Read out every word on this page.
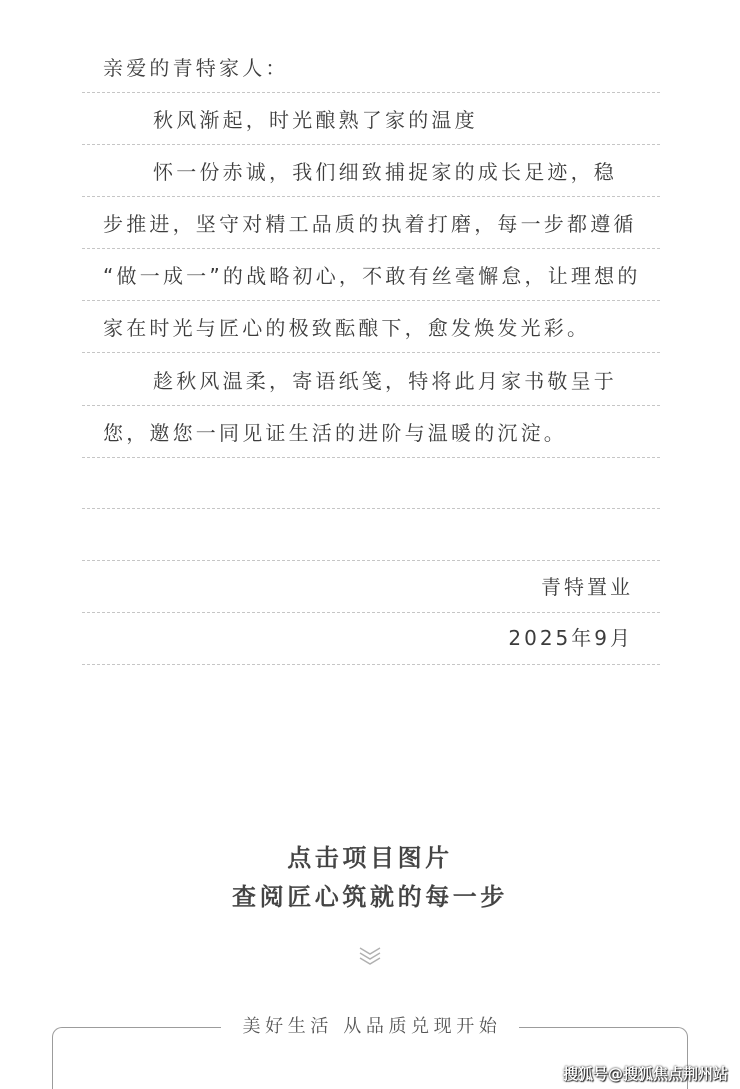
亲爱的青特家人：
秋风渐起，时光酿熟了家的温度
怀一份赤诚，我们细致捕捉家的成长足迹，稳
步推进，坚守对精工品质的执着打磨，每一步都遵循
“做一成一”的战略初心，不敢有丝毫懈怠，让理想的
家在时光与匠心的极致酝酿下，愈发焕发光彩。
趁秋风温柔，寄语纸笺，特将此月家书敬呈于
您，邀您一同见证生活的进阶与温暖的沉淀。
青特置业
2025年9月
点击项目图片
查阅匠心筑就的每一步
美好生活 从品质兑现开始
搜狐号@搜狐焦点荆州站
